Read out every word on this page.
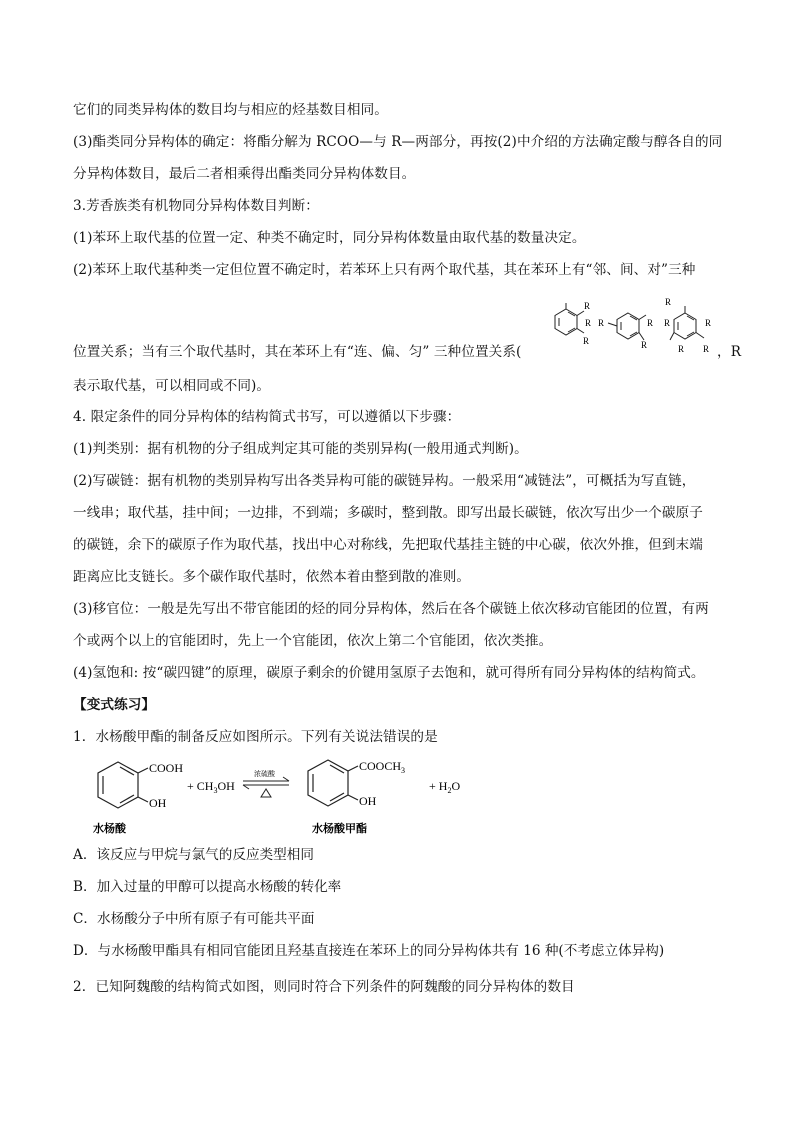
它们的同类异构体的数目均与相应的烃基数目相同。
(3)酯类同分异构体的确定：将酯分解为 RCOO—与 R—两部分，再按(2)中介绍的方法确定酸与醇各自的同
分异构体数目，最后二者相乘得出酯类同分异构体数目。
3.芳香族类有机物同分异构体数目判断：
(1)苯环上取代基的位置一定、种类不确定时，同分异构体数量由取代基的数量决定。
(2)苯环上取代基种类一定但位置不确定时，若苯环上只有两个取代基，其在苯环上有“邻、间、对”三种
位置关系；当有三个取代基时，其在苯环上有“连、偏、匀” 三种位置关系(	，R
表示取代基，可以相同或不同)。
4. 限定条件的同分异构体的结构简式书写，可以遵循以下步骤：
(1)判类别：据有机物的分子组成判定其可能的类别异构(一般用通式判断)。
(2)写碳链：据有机物的类别异构写出各类异构可能的碳链异构。一般采用“减链法”，可概括为写直链，
一线串；取代基，挂中间；一边排，不到端；多碳时，整到散。即写出最长碳链，依次写出少一个碳原子
的碳链，余下的碳原子作为取代基，找出中心对称线，先把取代基挂主链的中心碳，依次外推，但到末端
距离应比支链长。多个碳作取代基时，依然本着由整到散的准则。
(3)移官位：一般是先写出不带官能团的烃的同分异构体，然后在各个碳链上依次移动官能团的位置，有两
个或两个以上的官能团时，先上一个官能团，依次上第二个官能团，依次类推。
(4)氢饱和: 按“碳四键”的原理，碳原子剩余的价键用氢原子去饱和，就可得所有同分异构体的结构简式。
【变式练习】
1．水杨酸甲酯的制备反应如图所示。下列有关说法错误的是
R
R
R
R	R
R
R
R	R
R R
COOH
OH
+ $CH_3OH$
浓硫酸
$COOCH_3$
OH
+ $H_2O$
水杨酸	水杨酸甲酯
A．该反应与甲烷与氯气的反应类型相同
B．加入过量的甲醇可以提高水杨酸的转化率
C．水杨酸分子中所有原子有可能共平面
D．与水杨酸甲酯具有相同官能团且羟基直接连在苯环上的同分异构体共有 16 种(不考虑立体异构)
2．已知阿魏酸的结构简式如图，则同时符合下列条件的阿魏酸的同分异构体的数目
